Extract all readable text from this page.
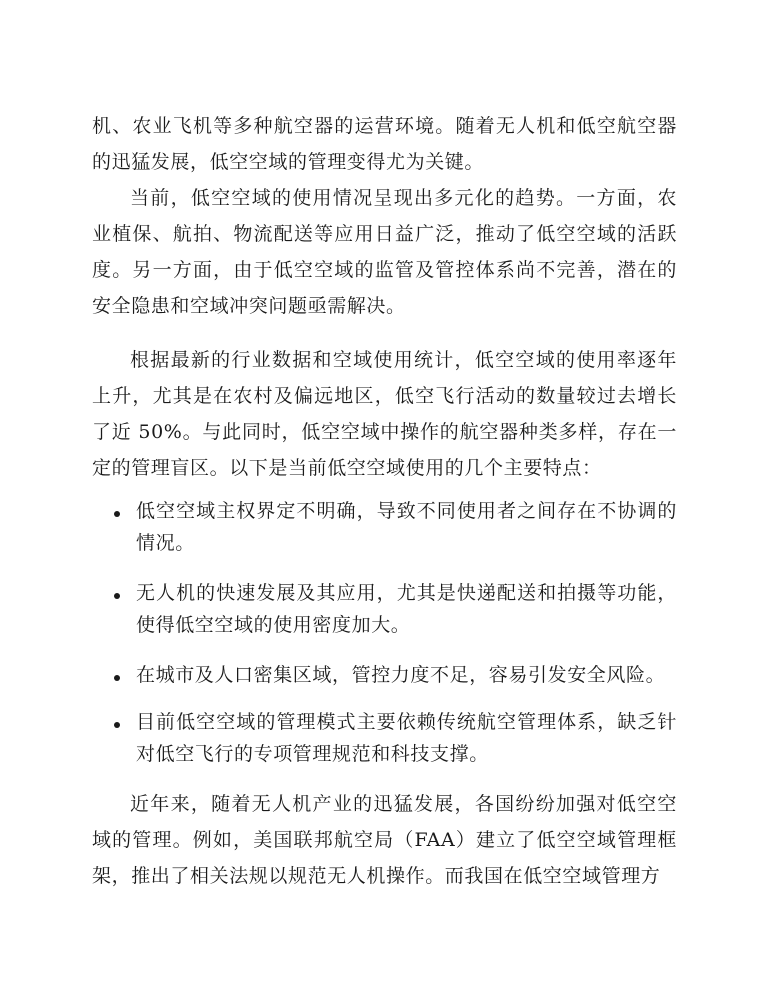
机、农业飞机等多种航空器的运营环境。随着无人机和低空航空器的迅猛发展，低空空域的管理变得尤为关键。

当前，低空空域的使用情况呈现出多元化的趋势。一方面，农业植保、航拍、物流配送等应用日益广泛，推动了低空空域的活跃度。另一方面，由于低空空域的监管及管控体系尚不完善，潜在的安全隐患和空域冲突问题亟需解决。

根据最新的行业数据和空域使用统计，低空空域的使用率逐年上升，尤其是在农村及偏远地区，低空飞行活动的数量较过去增长了近 50%。与此同时，低空空域中操作的航空器种类多样，存在一定的管理盲区。以下是当前低空空域使用的几个主要特点：

低空空域主权界定不明确，导致不同使用者之间存在不协调的情况。
无人机的快速发展及其应用，尤其是快递配送和拍摄等功能，使得低空空域的使用密度加大。
在城市及人口密集区域，管控力度不足，容易引发安全风险。
目前低空空域的管理模式主要依赖传统航空管理体系，缺乏针对低空飞行的专项管理规范和科技支撑。

近年来，随着无人机产业的迅猛发展，各国纷纷加强对低空空域的管理。例如，美国联邦航空局（FAA）建立了低空空域管理框架，推出了相关法规以规范无人机操作。而我国在低空空域管理方
